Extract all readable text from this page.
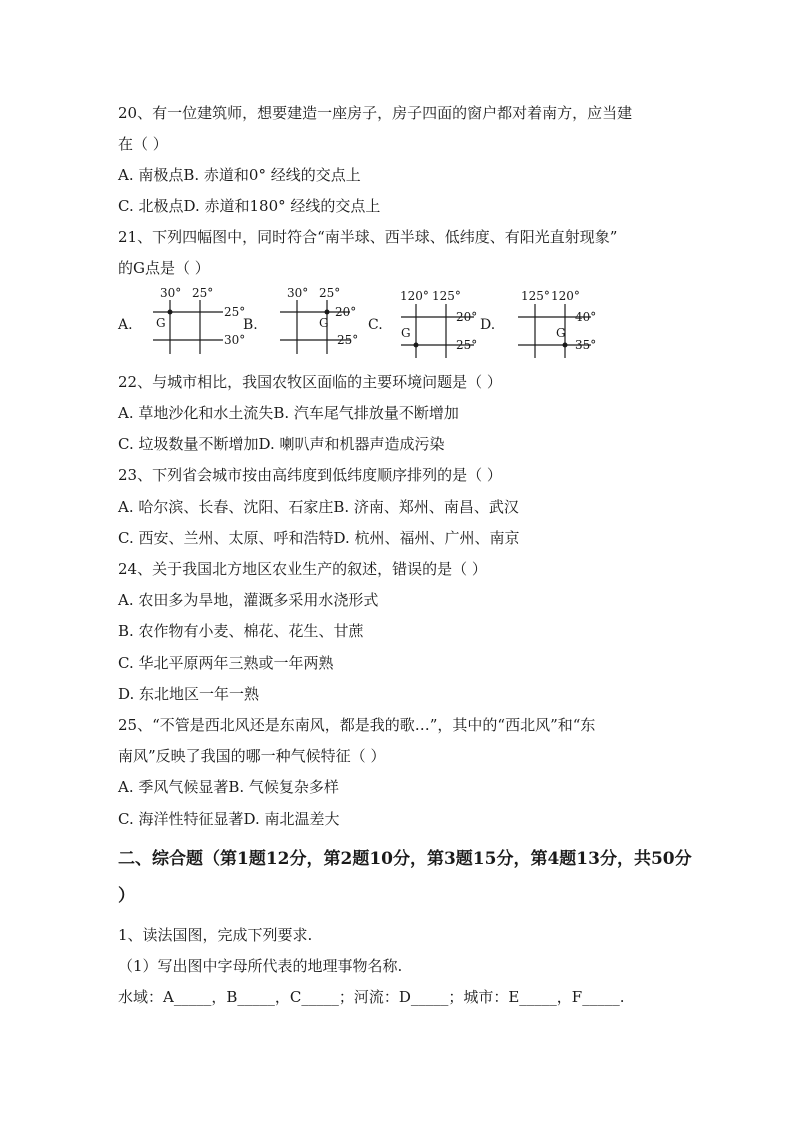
20、有一位建筑师，想要建造一座房子，房子四面的窗户都对着南方，应当建
在（ ）
A. 南极点B. 赤道和0° 经线的交点上
C. 北极点D. 赤道和180° 经线的交点上
21、下列四幅图中，同时符合“南半球、西半球、低纬度、有阳光直射现象”
的G点是（ ）
A.
30° 25°
25°
30°
G	B.
30° 25°
20°
25°
G	C.
120° 125°
20°
25°
G	D.
125° 120°
40°
35°
G
22、与城市相比，我国农牧区面临的主要环境问题是（ ）
A. 草地沙化和水土流失B. 汽车尾气排放量不断增加
C. 垃圾数量不断增加D. 喇叭声和机器声造成污染
23、下列省会城市按由高纬度到低纬度顺序排列的是（ ）
A. 哈尔滨、长春、沈阳、石家庄B. 济南、郑州、南昌、武汉
C. 西安、兰州、太原、呼和浩特D. 杭州、福州、广州、南京
24、关于我国北方地区农业生产的叙述，错误的是（ ）
A. 农田多为旱地，灌溉多采用水浇形式
B. 农作物有小麦、棉花、花生、甘蔗
C. 华北平原两年三熟或一年两熟
D. 东北地区一年一熟
25、“不管是西北风还是东南风，都是我的歌…”，其中的“西北风”和“东
南风”反映了我国的哪一种气候特征（ ）
A. 季风气候显著B. 气候复杂多样
C. 海洋性特征显著D. 南北温差大
二、综合题（第1题12分，第2题10分，第3题15分，第4题13分，共50分
）
1、读法国图，完成下列要求.
（1）写出图中字母所代表的地理事物名称.
水域：A_____，B_____，C_____；河流：D_____；城市：E_____，F_____.
